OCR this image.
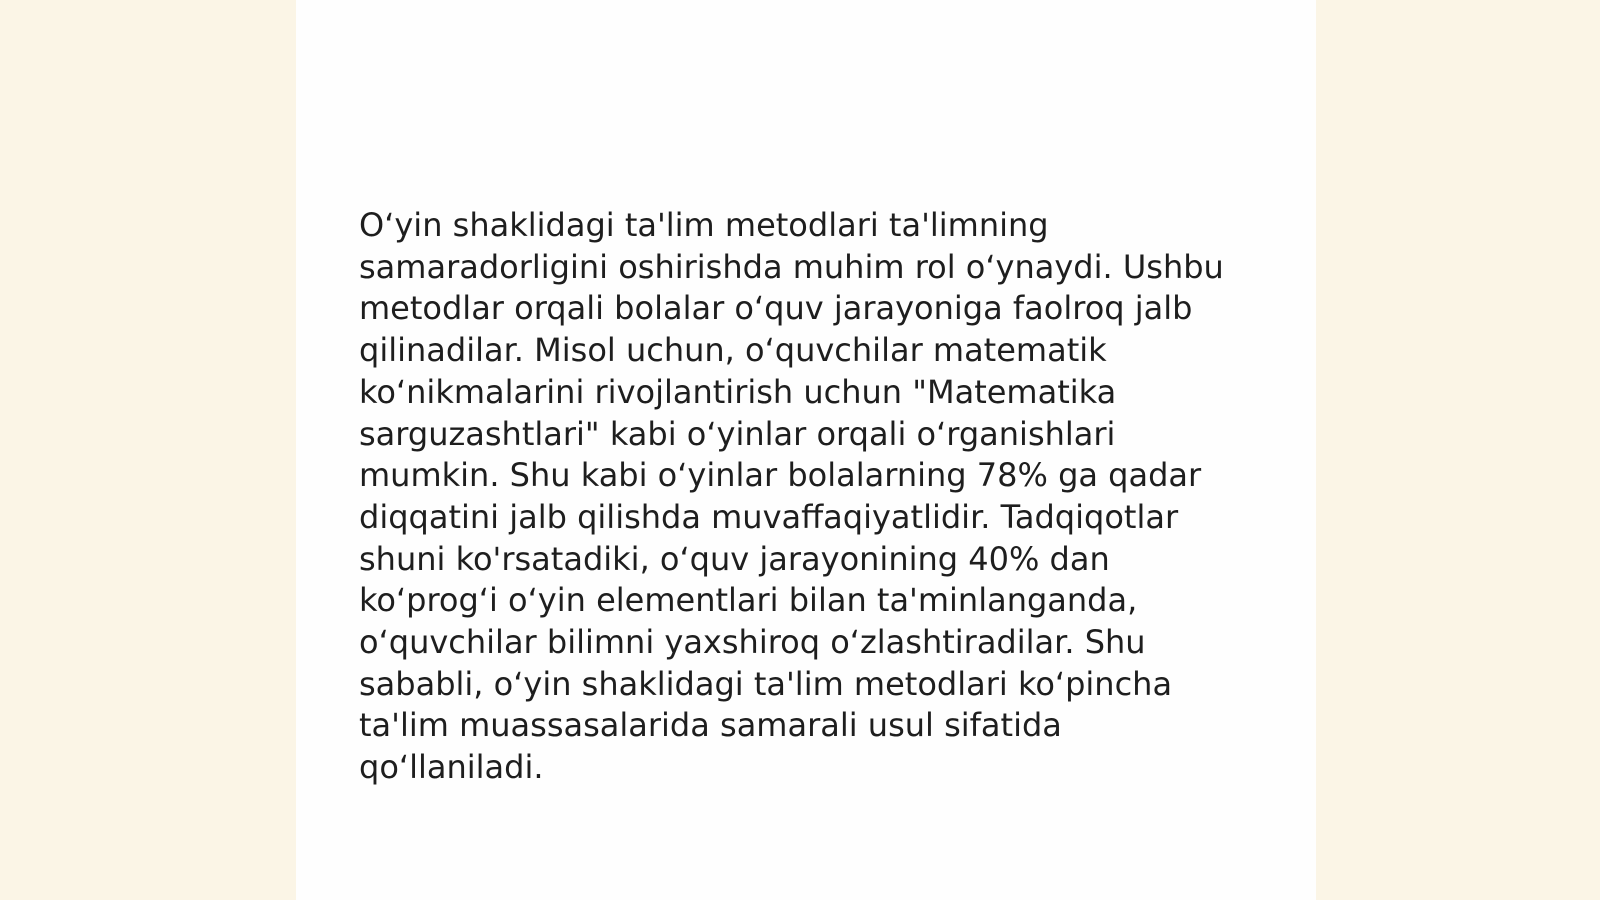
O‘yin shaklidagi ta'lim metodlari ta'limning
samaradorligini oshirishda muhim rol o‘ynaydi. Ushbu
metodlar orqali bolalar o‘quv jarayoniga faolroq jalb
qilinadilar. Misol uchun, o‘quvchilar matematik
ko‘nikmalarini rivojlantirish uchun "Matematika
sarguzashtlari" kabi o‘yinlar orqali o‘rganishlari
mumkin. Shu kabi o‘yinlar bolalarning 78% ga qadar
diqqatini jalb qilishda muvaffaqiyatlidir. Tadqiqotlar
shuni ko'rsatadiki, o‘quv jarayonining 40% dan
ko‘prog‘i o‘yin elementlari bilan ta'minlanganda,
o‘quvchilar bilimni yaxshiroq o‘zlashtiradilar. Shu
sababli, o‘yin shaklidagi ta'lim metodlari ko‘pincha
ta'lim muassasalarida samarali usul sifatida
qo‘llaniladi.
